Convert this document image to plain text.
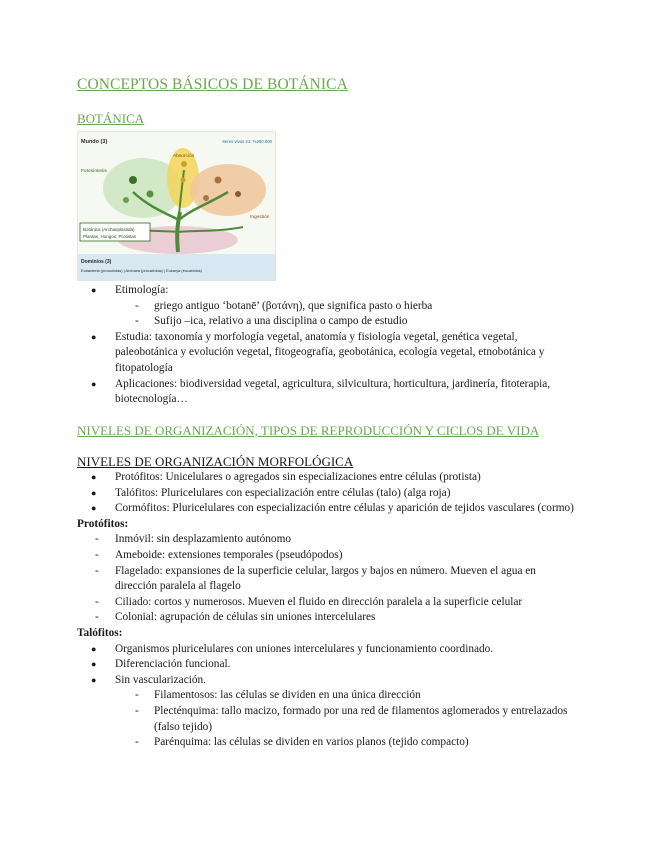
CONCEPTOS BÁSICOS DE BOTÁNICA
BOTÁNICA
Mundo (3)	Seres vivos 21: %250.000
Fotosíntesis
Absorción
Ingestión
Botánica (Archaeplastida)
Plantas, Hongos, Protistas
Dominios (3)
Eubacteria (procariotas) | Archaea (procariotas) | Eukarya (eucariotas)
● Etimología:
- griego antiguo ‘botanē’ (βοτάνη), que significa pasto o hierba
- Sufijo –ica, relativo a una disciplina o campo de estudio
● Estudia: taxonomía y morfología vegetal, anatomía y fisiología vegetal, genética vegetal, paleobotánica y evolución vegetal, fitogeografía, geobotánica, ecología vegetal, etnobotánica y fitopatología
● Aplicaciones: biodiversidad vegetal, agricultura, silvicultura, horticultura, jardinería, fitoterapia, biotecnología…
NIVELES DE ORGANIZACIÓN, TIPOS DE REPRODUCCIÓN Y CICLOS DE VIDA
NIVELES DE ORGANIZACIÓN MORFOLÓGICA
● Protófitos: Unicelulares o agregados sin especializaciones entre células (protista)
● Talófitos: Pluricelulares con especialización entre células (talo) (alga roja)
● Cormófitos: Pluricelulares con especialización entre células y aparición de tejidos vasculares (cormo)
Protófitos:
- Inmóvil: sin desplazamiento autónomo
- Ameboide: extensiones temporales (pseudópodos)
- Flagelado: expansiones de la superficie celular, largos y bajos en número. Mueven el agua en dirección paralela al flagelo
- Ciliado: cortos y numerosos. Mueven el fluido en dirección paralela a la superficie celular
- Colonial: agrupación de células sin uniones intercelulares
Talófitos:
● Organismos pluricelulares con uniones intercelulares y funcionamiento coordinado.
● Diferenciación funcional.
● Sin vascularización.
- Filamentosos: las células se dividen en una única dirección
- Plecténquima: tallo macizo, formado por una red de filamentos aglomerados y entrelazados (falso tejido)
- Parénquima: las células se dividen en varios planos (tejido compacto)
